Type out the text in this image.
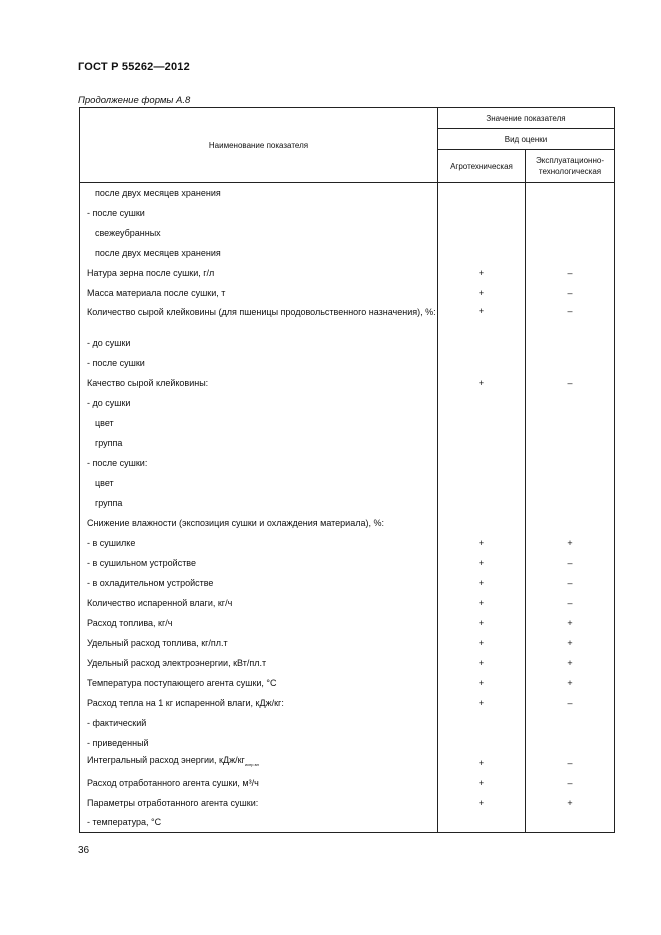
ГОСТ Р 55262—2012
Продолжение формы А.8
Наименование показателя	Значение показателя	
	Вид оценки	
	Агротехническая	Эксплуатационно-технологическая
после двух месяцев хранения		
- после сушки		
свежеубранных		
после двух месяцев хранения		
Натура зерна после сушки, г/л	+	–
Масса материала после сушки, т	+	–
Количество сырой клейковины (для пшеницы продовольственного назначения), %:	+	–
- до сушки		
- после сушки		
Качество сырой клейковины:	+	–
- до сушки		
цвет		
группа		
- после сушки:		
цвет		
группа		
Снижение влажности (экспозиция сушки и охлаждения материала), %:		
- в сушилке	+	+
- в сушильном устройстве	+	–
- в охладительном устройстве	+	–
Количество испаренной влаги, кг/ч	+	–
Расход топлива, кг/ч	+	+
Удельный расход топлива, кг/пл.т	+	+
Удельный расход электроэнергии, кВт/пл.т	+	+
Температура поступающего агента сушки, °С	+	+
Расход тепла на 1 кг испаренной влаги, кДж/кг:	+	–
- фактический		
- приведенный		
Интегральный расход энергии, кДж/$кг_{испр.вл}$	+	–
Расход отработанного агента сушки, м³/ч	+	–
Параметры отработанного агента сушки:	+	+
- температура, °С		
36
